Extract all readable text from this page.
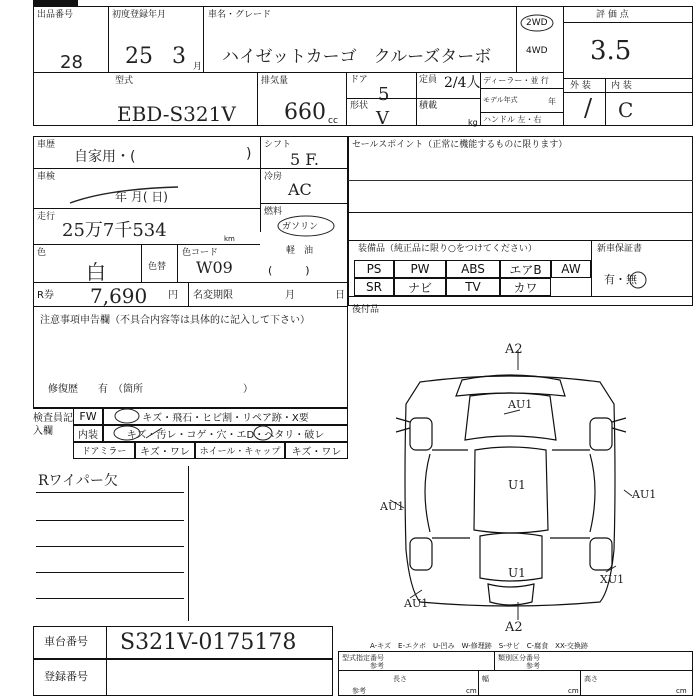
出品番号
28
初度登録年月
25 3 月
車名・グレード
ハイゼットカーゴ　クルーズターボ
2WD
4WD
評 価 点
3.5
型式
EBD-S321V
排気量
660 cc
ドア
5
形状
V
定員 2/4人
積載
kg
ディーラー・並 行
モデル年式	年
ハンドル 左・右
外 装 内 装
/ C
車歴
自家用・(	)
シフト
5 F.
車検
年 月( 日)
冷房
AC
走行
25万7千534	km
燃料
ガソリン
軽　油
(　　　)
色
白	色替
色コード
W09
R券 7,690 円 名変期限	月	日
注意事項申告欄（不具合内容等は具体的に記入して下さい）
修復歴　　有　（箇所　　　　　　　　　　）
セールスポイント（正常に機能するものに限ります）
装備品（純正品に限り○をつけてください）	新車保証書
有・無
後付品
検査員記入欄
FW	キズ・飛石・ヒビ割・リペア跡・X要
内装	キズ・汚レ・コゲ・穴・エD・ヘタリ・破レ
ドアミラー	キズ・ワレ	ホイール・キャップ	キズ・ワレ
Rワイパー欠
A2
AU1
U1
AU1
AU1
U1	XU1
AU1
A2
A-キズ　E-エクボ　U-凹み　W-修理跡　S-サビ　C-腐食　XX-交換跡
車台番号 S321V-0175178
登録番号
型式指定番号
参考
類別区分番号
参考
長さ
cm
幅
cm
高さ
cm
参考
PS	PW	ABS	エアB	AW
SR	ナビ	TV	カワ
